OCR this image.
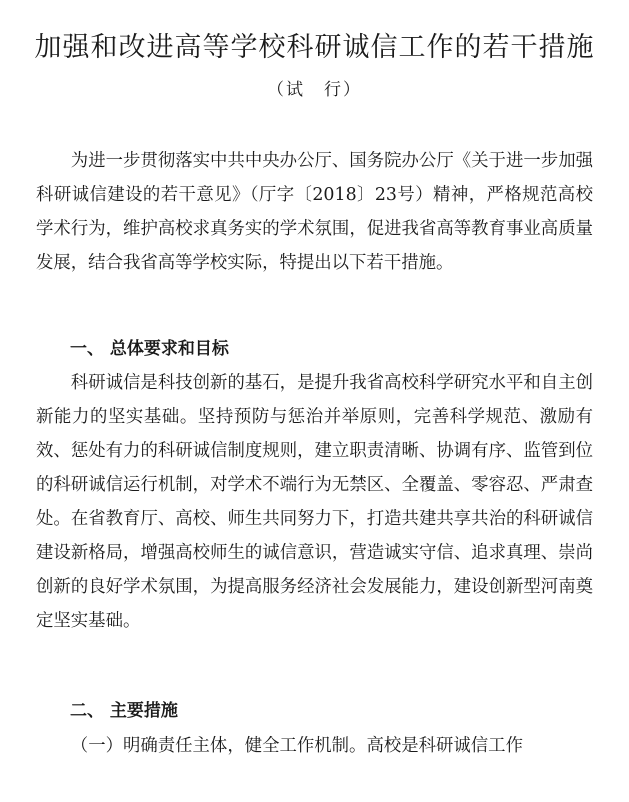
加强和改进高等学校科研诚信工作的若干措施
（试　行）
为进一步贯彻落实中共中央办公厅、国务院办公厅《关于进一步加强科研诚信建设的若干意见》（厅字〔2018〕23号）精神，严格规范高校学术行为，维护高校求真务实的学术氛围，促进我省高等教育事业高质量发展，结合我省高等学校实际，特提出以下若干措施。
一、 总体要求和目标
科研诚信是科技创新的基石，是提升我省高校科学研究水平和自主创新能力的坚实基础。坚持预防与惩治并举原则，完善科学规范、激励有效、惩处有力的科研诚信制度规则，建立职责清晰、协调有序、监管到位的科研诚信运行机制，对学术不端行为无禁区、全覆盖、零容忍、严肃查处。在省教育厅、高校、师生共同努力下，打造共建共享共治的科研诚信建设新格局，增强高校师生的诚信意识，营造诚实守信、追求真理、崇尚创新的良好学术氛围，为提高服务经济社会发展能力，建设创新型河南奠定坚实基础。
二、 主要措施
（一）明确责任主体，健全工作机制。高校是科研诚信工作
